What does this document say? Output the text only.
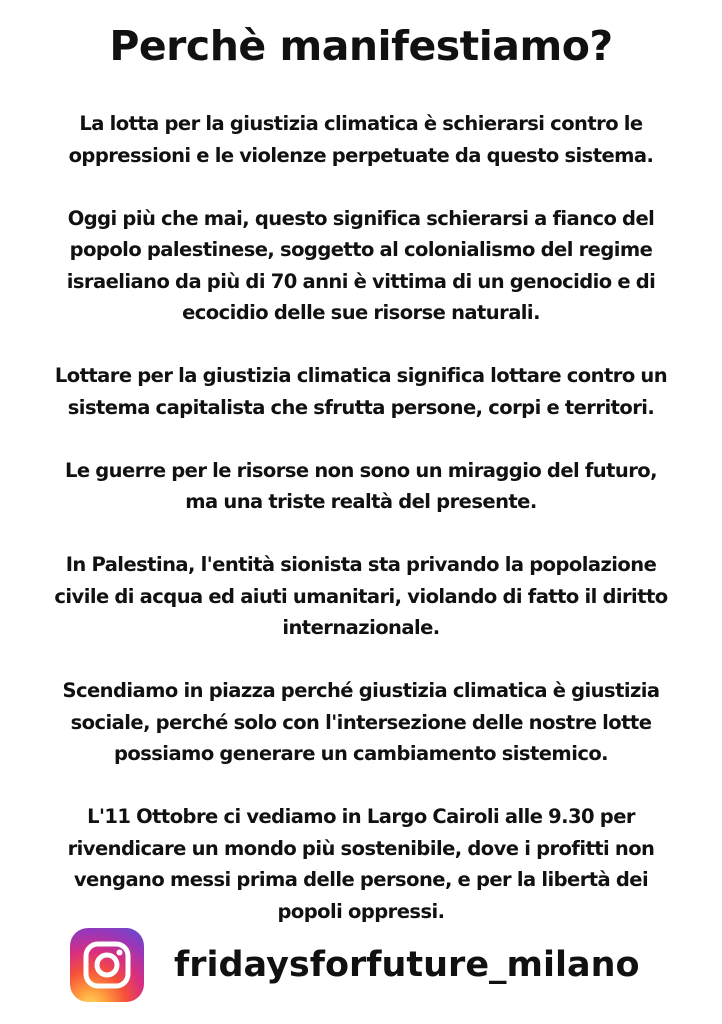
Perchè manifestiamo?

La lotta per la giustizia climatica è schierarsi contro le
oppressioni e le violenze perpetuate da questo sistema.

Oggi più che mai, questo significa schierarsi a fianco del
popolo palestinese, soggetto al colonialismo del regime
israeliano da più di 70 anni è vittima di un genocidio e di
ecocidio delle sue risorse naturali.

Lottare per la giustizia climatica significa lottare contro un
sistema capitalista che sfrutta persone, corpi e territori.

Le guerre per le risorse non sono un miraggio del futuro,
ma una triste realtà del presente.

In Palestina, l'entità sionista sta privando la popolazione
civile di acqua ed aiuti umanitari, violando di fatto il diritto
internazionale.

Scendiamo in piazza perché giustizia climatica è giustizia
sociale, perché solo con l'intersezione delle nostre lotte
possiamo generare un cambiamento sistemico.

L'11 Ottobre ci vediamo in Largo Cairoli alle 9.30 per
rivendicare un mondo più sostenibile, dove i profitti non
vengano messi prima delle persone, e per la libertà dei
popoli oppressi.

fridaysforfuture_milano
